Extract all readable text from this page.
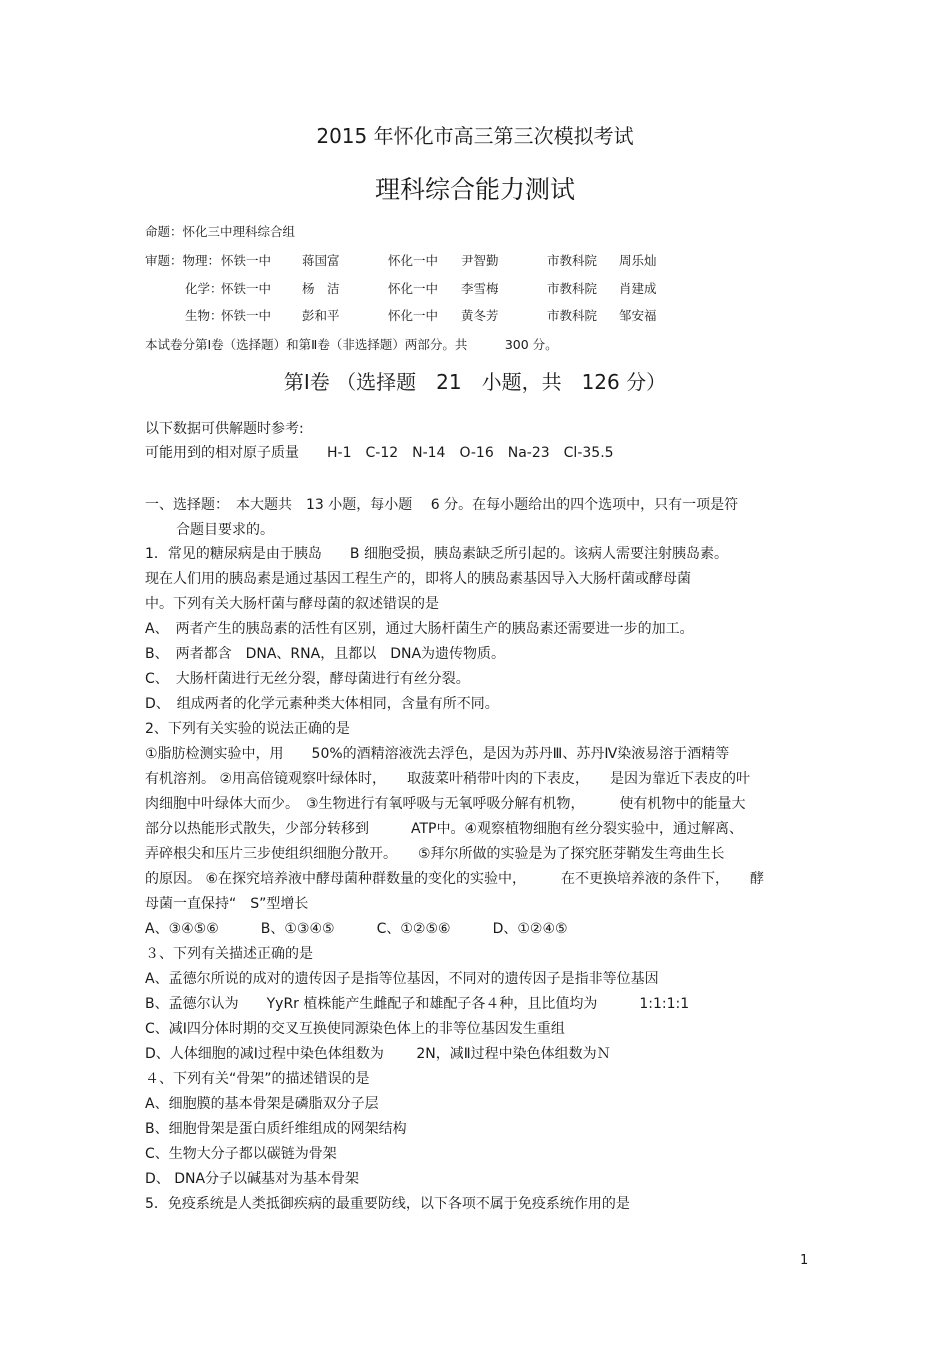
2015 年怀化市高三第三次模拟考试
理科综合能力测试
命题：怀化三中理科综合组
审题：物理： 怀铁一中 蒋国富	怀化一中 尹智勤	市教科院 周乐灿
化学：
怀铁一中 杨　洁	怀化一中 李雪梅	市教科院 肖建成
生物：
怀铁一中 彭和平	怀化一中 黄冬芳	市教科院 邹安福
本试卷分第Ⅰ卷（选择题）和第Ⅱ卷（非选择题）两部分。共　　　300 分。
第Ⅰ卷 （选择题　21　小题，共　126 分）
以下数据可供解题时参考:
可能用到的相对原子质量　　H-1　C-12　N-14　O-16　Na-23　Cl-35.5
一、选择题：　本大题共　13 小题，每小题　 6 分。在每小题给出的四个选项中，只有一项是符
合题目要求的。
1．常见的糖尿病是由于胰岛　　B 细胞受损，胰岛素缺乏所引起的。该病人需要注射胰岛素。
现在人们用的胰岛素是通过基因工程生产的，即将人的胰岛素基因导入大肠杆菌或酵母菌
中。下列有关大肠杆菌与酵母菌的叙述错误的是
A、　两者产生的胰岛素的活性有区别，通过大肠杆菌生产的胰岛素还需要进一步的加工。
B、　两者都含　DNA、RNA，且都以　DNA为遗传物质。
C、　大肠杆菌进行无丝分裂，酵母菌进行有丝分裂。
D、　组成两者的化学元素种类大体相同，含量有所不同。
2、下列有关实验的说法正确的是
①脂肪检测实验中，用　　50%的酒精溶液洗去浮色，是因为苏丹Ⅲ、苏丹Ⅳ染液易溶于酒精等
有机溶剂。 ②用高倍镜观察叶绿体时，　　取菠菜叶稍带叶肉的下表皮，　　是因为靠近下表皮的叶
肉细胞中叶绿体大而少。　③生物进行有氧呼吸与无氧呼吸分解有机物，　　　使有机物中的能量大
部分以热能形式散失，少部分转移到　　　ATP中。④观察植物细胞有丝分裂实验中，通过解离、
弄碎根尖和压片三步使组织细胞分散开。　　⑤拜尔所做的实验是为了探究胚芽鞘发生弯曲生长
的原因。 ⑥在探究培养液中酵母菌种群数量的变化的实验中，　　　在不更换培养液的条件下，　　酵
母菌一直保持“　S”型增长
A、③④⑤⑥　　　B、①③④⑤　　　C、①②⑤⑥　　　D、①②④⑤
３、下列有关描述正确的是
A、孟德尔所说的成对的遗传因子是指等位基因，不同对的遗传因子是指非等位基因
B、孟德尔认为　　YyRr 植株能产生雌配子和雄配子各４种，且比值均为　　　1:1:1:1
C、减Ⅰ四分体时期的交叉互换使同源染色体上的非等位基因发生重组
D、人体细胞的减Ⅰ过程中染色体组数为　　 2N，减Ⅱ过程中染色体组数为Ｎ
４、下列有关“骨架”的描述错误的是
A、细胞膜的基本骨架是磷脂双分子层
B、细胞骨架是蛋白质纤维组成的网架结构
C、生物大分子都以碳链为骨架
D、 DNA分子以碱基对为基本骨架
5．免疫系统是人类抵御疾病的最重要防线，以下各项不属于免疫系统作用的是
1
